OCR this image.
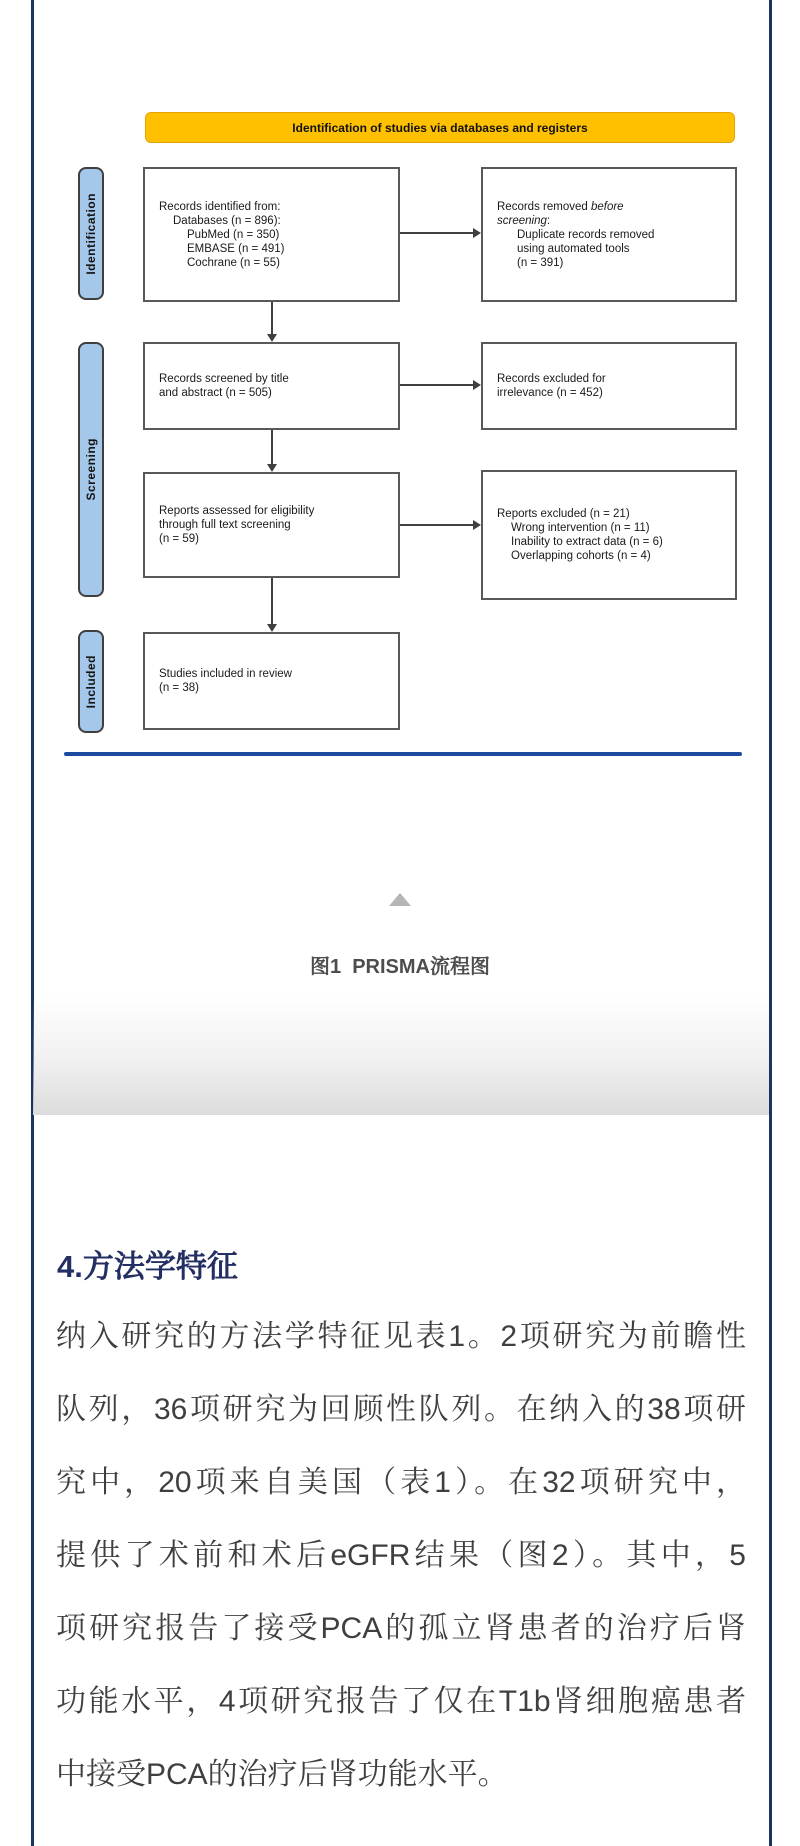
Identification of studies via databases and registers
Identification
Screening
Included
Records identified from:
Databases (n = 896):
PubMed (n = 350)
EMBASE (n = 491)
Cochrane (n = 55)
Records screened by title
and abstract (n = 505)
Reports assessed for eligibility
through full text screening
(n = 59)
Studies included in review
(n = 38)
Records removed before
screening:
Duplicate records removed
using automated tools
(n = 391)
Records excluded for
irrelevance (n = 452)
Reports excluded (n = 21)
Wrong intervention (n = 11)
Inability to extract data (n = 6)
Overlapping cohorts (n = 4)
图1  PRISMA流程图
4.方法学特征
纳入研究的方法学特征见表1。2项研究为前瞻性
队列，36项研究为回顾性队列。在纳入的38项研
究中，20项来自美国（表1）。在32项研究中，
提供了术前和术后eGFR结果（图2）。其中，5
项研究报告了接受PCA的孤立肾患者的治疗后肾
功能水平，4项研究报告了仅在T1b肾细胞癌患者
中接受PCA的治疗后肾功能水平。
